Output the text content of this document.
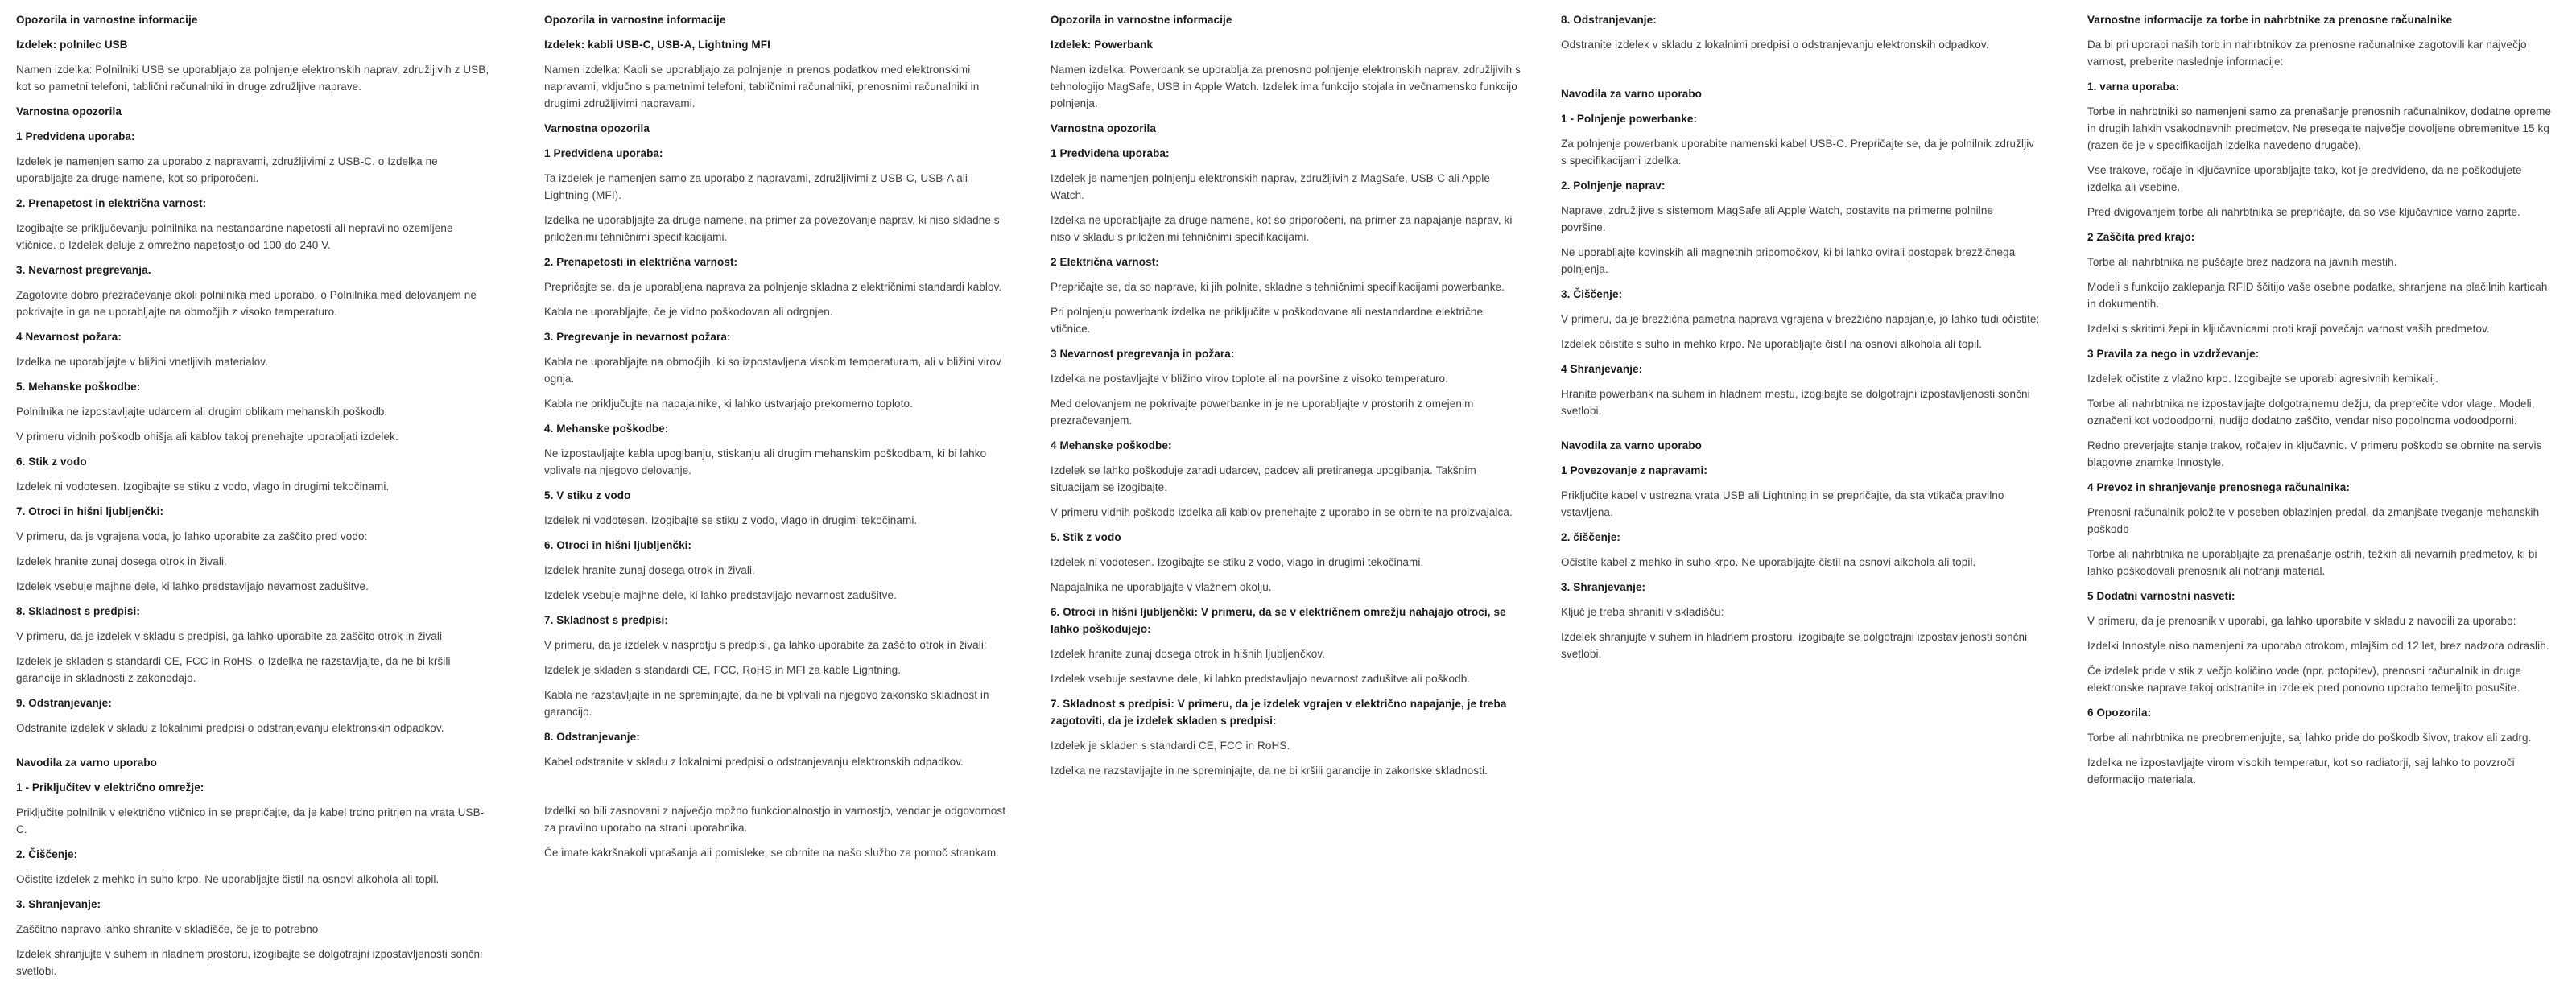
Opozorila in varnostne informacije
Izdelek: polnilec USB
Namen izdelka: Polnilniki USB se uporabljajo za polnjenje elektronskih naprav, združljivih z USB, kot so pametni telefoni, tablični računalniki in druge združljive naprave.
Varnostna opozorila
1 Predvidena uporaba:
Izdelek je namenjen samo za uporabo z napravami, združljivimi z USB-C. o Izdelka ne uporabljajte za druge namene, kot so priporočeni.
2. Prenapetost in električna varnost:
Izogibajte se priključevanju polnilnika na nestandardne napetosti ali nepravilno ozemljene vtičnice. o Izdelek deluje z omrežno napetostjo od 100 do 240 V.
3. Nevarnost pregrevanja.
Zagotovite dobro prezračevanje okoli polnilnika med uporabo. o Polnilnika med delovanjem ne pokrivajte in ga ne uporabljajte na območjih z visoko temperaturo.
4 Nevarnost požara:
Izdelka ne uporabljajte v bližini vnetljivih materialov.
5. Mehanske poškodbe:
Polnilnika ne izpostavljajte udarcem ali drugim oblikam mehanskih poškodb.
V primeru vidnih poškodb ohišja ali kablov takoj prenehajte uporabljati izdelek.
6. Stik z vodo
Izdelek ni vodotesen. Izogibajte se stiku z vodo, vlago in drugimi tekočinami.
7. Otroci in hišni ljubljenčki:
V primeru, da je vgrajena voda, jo lahko uporabite za zaščito pred vodo:
Izdelek hranite zunaj dosega otrok in živali.
Izdelek vsebuje majhne dele, ki lahko predstavljajo nevarnost zadušitve.
8. Skladnost s predpisi:
V primeru, da je izdelek v skladu s predpisi, ga lahko uporabite za zaščito otrok in živali
Izdelek je skladen s standardi CE, FCC in RoHS. o Izdelka ne razstavljajte, da ne bi kršili garancije in skladnosti z zakonodajo.
9. Odstranjevanje:
Odstranite izdelek v skladu z lokalnimi predpisi o odstranjevanju elektronskih odpadkov.
Navodila za varno uporabo
1 - Priključitev v električno omrežje:
Priključite polnilnik v električno vtičnico in se prepričajte, da je kabel trdno pritrjen na vrata USB-C.
2. Čiščenje:
Očistite izdelek z mehko in suho krpo. Ne uporabljajte čistil na osnovi alkohola ali topil.
3. Shranjevanje:
Zaščitno napravo lahko shranite v skladišče, če je to potrebno
Izdelek shranjujte v suhem in hladnem prostoru, izogibajte se dolgotrajni izpostavljenosti sončni svetlobi.
Opozorila in varnostne informacije
Izdelek: kabli USB-C, USB-A, Lightning MFI
Namen izdelka: Kabli se uporabljajo za polnjenje in prenos podatkov med elektronskimi napravami, vključno s pametnimi telefoni, tabličnimi računalniki, prenosnimi računalniki in drugimi združljivimi napravami.
Varnostna opozorila
1 Predvidena uporaba:
Ta izdelek je namenjen samo za uporabo z napravami, združljivimi z USB-C, USB-A ali Lightning (MFI).
Izdelka ne uporabljajte za druge namene, na primer za povezovanje naprav, ki niso skladne s priloženimi tehničnimi specifikacijami.
2. Prenapetosti in električna varnost:
Prepričajte se, da je uporabljena naprava za polnjenje skladna z električnimi standardi kablov.
Kabla ne uporabljajte, če je vidno poškodovan ali odrgnjen.
3. Pregrevanje in nevarnost požara:
Kabla ne uporabljajte na območjih, ki so izpostavljena visokim temperaturam, ali v bližini virov ognja.
Kabla ne priključujte na napajalnike, ki lahko ustvarjajo prekomerno toploto.
4. Mehanske poškodbe:
Ne izpostavljajte kabla upogibanju, stiskanju ali drugim mehanskim poškodbam, ki bi lahko vplivale na njegovo delovanje.
5. V stiku z vodo
Izdelek ni vodotesen. Izogibajte se stiku z vodo, vlago in drugimi tekočinami.
6. Otroci in hišni ljubljenčki:
Izdelek hranite zunaj dosega otrok in živali.
Izdelek vsebuje majhne dele, ki lahko predstavljajo nevarnost zadušitve.
7. Skladnost s predpisi:
V primeru, da je izdelek v nasprotju s predpisi, ga lahko uporabite za zaščito otrok in živali:
Izdelek je skladen s standardi CE, FCC, RoHS in MFI za kable Lightning.
Kabla ne razstavljajte in ne spreminjajte, da ne bi vplivali na njegovo zakonsko skladnost in garancijo.
8. Odstranjevanje:
Kabel odstranite v skladu z lokalnimi predpisi o odstranjevanju elektronskih odpadkov.
Izdelki so bili zasnovani z največjo možno funkcionalnostjo in varnostjo, vendar je odgovornost za pravilno uporabo na strani uporabnika.
Če imate kakršnakoli vprašanja ali pomisleke, se obrnite na našo službo za pomoč strankam.
Opozorila in varnostne informacije
Izdelek: Powerbank
Namen izdelka: Powerbank se uporablja za prenosno polnjenje elektronskih naprav, združljivih s tehnologijo MagSafe, USB in Apple Watch. Izdelek ima funkcijo stojala in večnamensko funkcijo polnjenja.
Varnostna opozorila
1 Predvidena uporaba:
Izdelek je namenjen polnjenju elektronskih naprav, združljivih z MagSafe, USB-C ali Apple Watch.
Izdelka ne uporabljajte za druge namene, kot so priporočeni, na primer za napajanje naprav, ki niso v skladu s priloženimi tehničnimi specifikacijami.
2 Električna varnost:
Prepričajte se, da so naprave, ki jih polnite, skladne s tehničnimi specifikacijami powerbanke.
Pri polnjenju powerbank izdelka ne priključite v poškodovane ali nestandardne električne vtičnice.
3 Nevarnost pregrevanja in požara:
Izdelka ne postavljajte v bližino virov toplote ali na površine z visoko temperaturo.
Med delovanjem ne pokrivajte powerbanke in je ne uporabljajte v prostorih z omejenim prezračevanjem.
4 Mehanske poškodbe:
Izdelek se lahko poškoduje zaradi udarcev, padcev ali pretiranega upogibanja. Takšnim situacijam se izogibajte.
V primeru vidnih poškodb izdelka ali kablov prenehajte z uporabo in se obrnite na proizvajalca.
5. Stik z vodo
Izdelek ni vodotesen. Izogibajte se stiku z vodo, vlago in drugimi tekočinami.
Napajalnika ne uporabljajte v vlažnem okolju.
6. Otroci in hišni ljubljenčki: V primeru, da se v električnem omrežju nahajajo otroci, se lahko poškodujejo:
Izdelek hranite zunaj dosega otrok in hišnih ljubljenčkov.
Izdelek vsebuje sestavne dele, ki lahko predstavljajo nevarnost zadušitve ali poškodb.
7. Skladnost s predpisi: V primeru, da je izdelek vgrajen v električno napajanje, je treba zagotoviti, da je izdelek skladen s predpisi:
Izdelek je skladen s standardi CE, FCC in RoHS.
Izdelka ne razstavljajte in ne spreminjajte, da ne bi kršili garancije in zakonske skladnosti.
8. Odstranjevanje:
Odstranite izdelek v skladu z lokalnimi predpisi o odstranjevanju elektronskih odpadkov.
Navodila za varno uporabo
1 - Polnjenje powerbanke:
Za polnjenje powerbank uporabite namenski kabel USB-C. Prepričajte se, da je polnilnik združljiv s specifikacijami izdelka.
2. Polnjenje naprav:
Naprave, združljive s sistemom MagSafe ali Apple Watch, postavite na primerne polnilne površine.
Ne uporabljajte kovinskih ali magnetnih pripomočkov, ki bi lahko ovirali postopek brezžičnega polnjenja.
3. Čiščenje:
V primeru, da je brezžična pametna naprava vgrajena v brezžično napajanje, jo lahko tudi očistite:
Izdelek očistite s suho in mehko krpo. Ne uporabljajte čistil na osnovi alkohola ali topil.
4 Shranjevanje:
Hranite powerbank na suhem in hladnem mestu, izogibajte se dolgotrajni izpostavljenosti sončni svetlobi.
Navodila za varno uporabo
1 Povezovanje z napravami:
Priključite kabel v ustrezna vrata USB ali Lightning in se prepričajte, da sta vtikača pravilno vstavljena.
2. čiščenje:
Očistite kabel z mehko in suho krpo. Ne uporabljajte čistil na osnovi alkohola ali topil.
3. Shranjevanje:
Ključ je treba shraniti v skladišču:
Izdelek shranjujte v suhem in hladnem prostoru, izogibajte se dolgotrajni izpostavljenosti sončni svetlobi.
Varnostne informacije za torbe in nahrbtnike za prenosne računalnike
Da bi pri uporabi naših torb in nahrbtnikov za prenosne računalnike zagotovili kar največjo varnost, preberite naslednje informacije:
1. varna uporaba:
Torbe in nahrbtniki so namenjeni samo za prenašanje prenosnih računalnikov, dodatne opreme in drugih lahkih vsakodnevnih predmetov. Ne presegajte največje dovoljene obremenitve 15 kg (razen če je v specifikacijah izdelka navedeno drugače).
Vse trakove, ročaje in ključavnice uporabljajte tako, kot je predvideno, da ne poškodujete izdelka ali vsebine.
Pred dvigovanjem torbe ali nahrbtnika se prepričajte, da so vse ključavnice varno zaprte.
2 Zaščita pred krajo:
Torbe ali nahrbtnika ne puščajte brez nadzora na javnih mestih.
Modeli s funkcijo zaklepanja RFID ščitijo vaše osebne podatke, shranjene na plačilnih karticah in dokumentih.
Izdelki s skritimi žepi in ključavnicami proti kraji povečajo varnost vaših predmetov.
3 Pravila za nego in vzdrževanje:
Izdelek očistite z vlažno krpo. Izogibajte se uporabi agresivnih kemikalij.
Torbe ali nahrbtnika ne izpostavljajte dolgotrajnemu dežju, da preprečite vdor vlage. Modeli, označeni kot vodoodporni, nudijo dodatno zaščito, vendar niso popolnoma vodoodporni.
Redno preverjajte stanje trakov, ročajev in ključavnic. V primeru poškodb se obrnite na servis blagovne znamke Innostyle.
4 Prevoz in shranjevanje prenosnega računalnika:
Prenosni računalnik položite v poseben oblazinjen predal, da zmanjšate tveganje mehanskih poškodb
Torbe ali nahrbtnika ne uporabljajte za prenašanje ostrih, težkih ali nevarnih predmetov, ki bi lahko poškodovali prenosnik ali notranji material.
5 Dodatni varnostni nasveti:
V primeru, da je prenosnik v uporabi, ga lahko uporabite v skladu z navodili za uporabo:
Izdelki Innostyle niso namenjeni za uporabo otrokom, mlajšim od 12 let, brez nadzora odraslih.
Če izdelek pride v stik z večjo količino vode (npr. potopitev), prenosni računalnik in druge elektronske naprave takoj odstranite in izdelek pred ponovno uporabo temeljito posušite.
6 Opozorila:
Torbe ali nahrbtnika ne preobremenjujte, saj lahko pride do poškodb šivov, trakov ali zadrg.
Izdelka ne izpostavljajte virom visokih temperatur, kot so radiatorji, saj lahko to povzroči deformacijo materiala.
